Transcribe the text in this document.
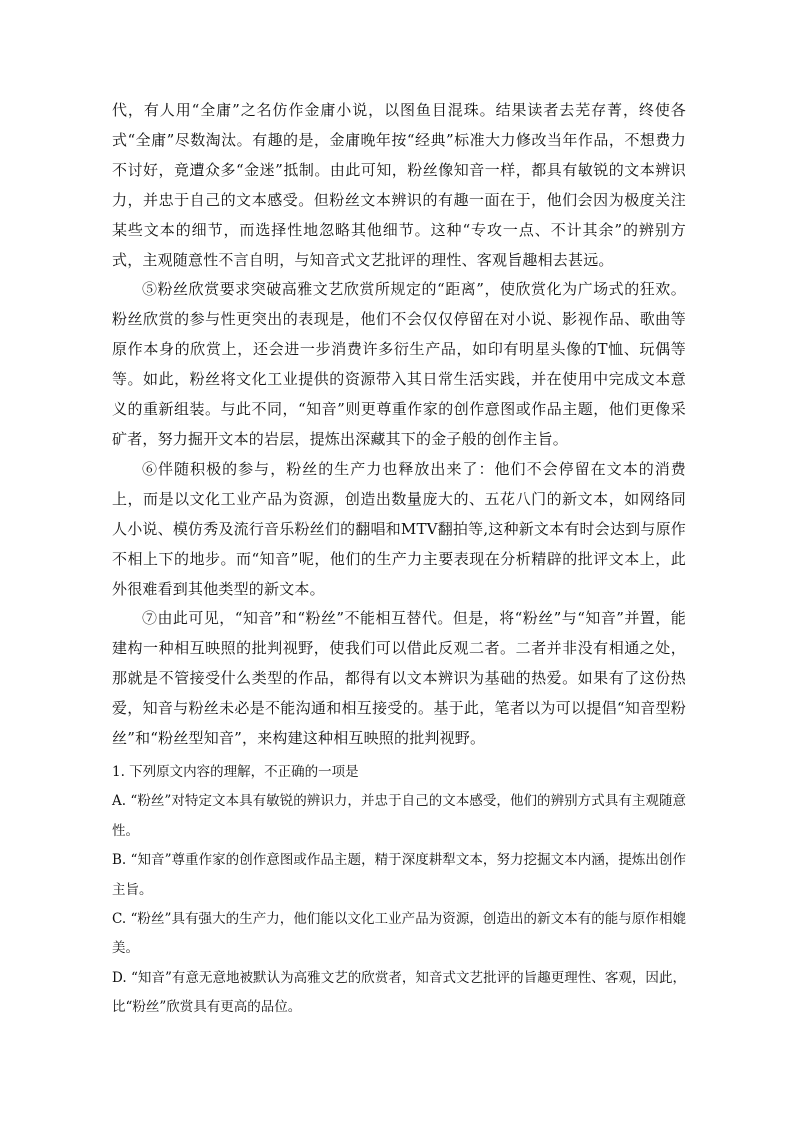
代，有人用“全庸”之名仿作金庸小说，以图鱼目混珠。结果读者去芜存菁，终使各式“全庸”尽数淘汰。有趣的是，金庸晚年按“经典”标准大力修改当年作品，不想费力不讨好，竟遭众多“金迷”抵制。由此可知，粉丝像知音一样，都具有敏锐的文本辨识力，并忠于自己的文本感受。但粉丝文本辨识的有趣一面在于，他们会因为极度关注某些文本的细节，而选择性地忽略其他细节。这种“专攻一点、不计其余”的辨别方式，主观随意性不言自明，与知音式文艺批评的理性、客观旨趣相去甚远。

⑤粉丝欣赏要求突破高雅文艺欣赏所规定的“距离”，使欣赏化为广场式的狂欢。粉丝欣赏的参与性更突出的表现是，他们不会仅仅停留在对小说、影视作品、歌曲等原作本身的欣赏上，还会进一步消费许多衍生产品，如印有明星头像的T恤、玩偶等等。如此，粉丝将文化工业提供的资源带入其日常生活实践，并在使用中完成文本意义的重新组装。与此不同，“知音”则更尊重作家的创作意图或作品主题，他们更像采矿者，努力掘开文本的岩层，提炼出深藏其下的金子般的创作主旨。

⑥伴随积极的参与，粉丝的生产力也释放出来了：他们不会停留在文本的消费上，而是以文化工业产品为资源，创造出数量庞大的、五花八门的新文本，如网络同人小说、模仿秀及流行音乐粉丝们的翻唱和MTV翻拍等,这种新文本有时会达到与原作不相上下的地步。而“知音”呢，他们的生产力主要表现在分析精辟的批评文本上，此外很难看到其他类型的新文本。

⑦由此可见，“知音”和“粉丝”不能相互替代。但是，将“粉丝”与“知音”并置，能建构一种相互映照的批判视野，使我们可以借此反观二者。二者并非没有相通之处，那就是不管接受什么类型的作品，都得有以文本辨识为基础的热爱。如果有了这份热爱，知音与粉丝未必是不能沟通和相互接受的。基于此，笔者以为可以提倡“知音型粉丝”和“粉丝型知音”，来构建这种相互映照的批判视野。

1. 下列原文内容的理解，不正确的一项是

A. “粉丝”对特定文本具有敏锐的辨识力，并忠于自己的文本感受，他们的辨别方式具有主观随意性。

B. “知音”尊重作家的创作意图或作品主题，精于深度耕犁文本，努力挖掘文本内涵，提炼出创作主旨。

C. “粉丝”具有强大的生产力，他们能以文化工业产品为资源，创造出的新文本有的能与原作相媲美。

D. “知音”有意无意地被默认为高雅文艺的欣赏者，知音式文艺批评的旨趣更理性、客观，因此，比“粉丝”欣赏具有更高的品位。
